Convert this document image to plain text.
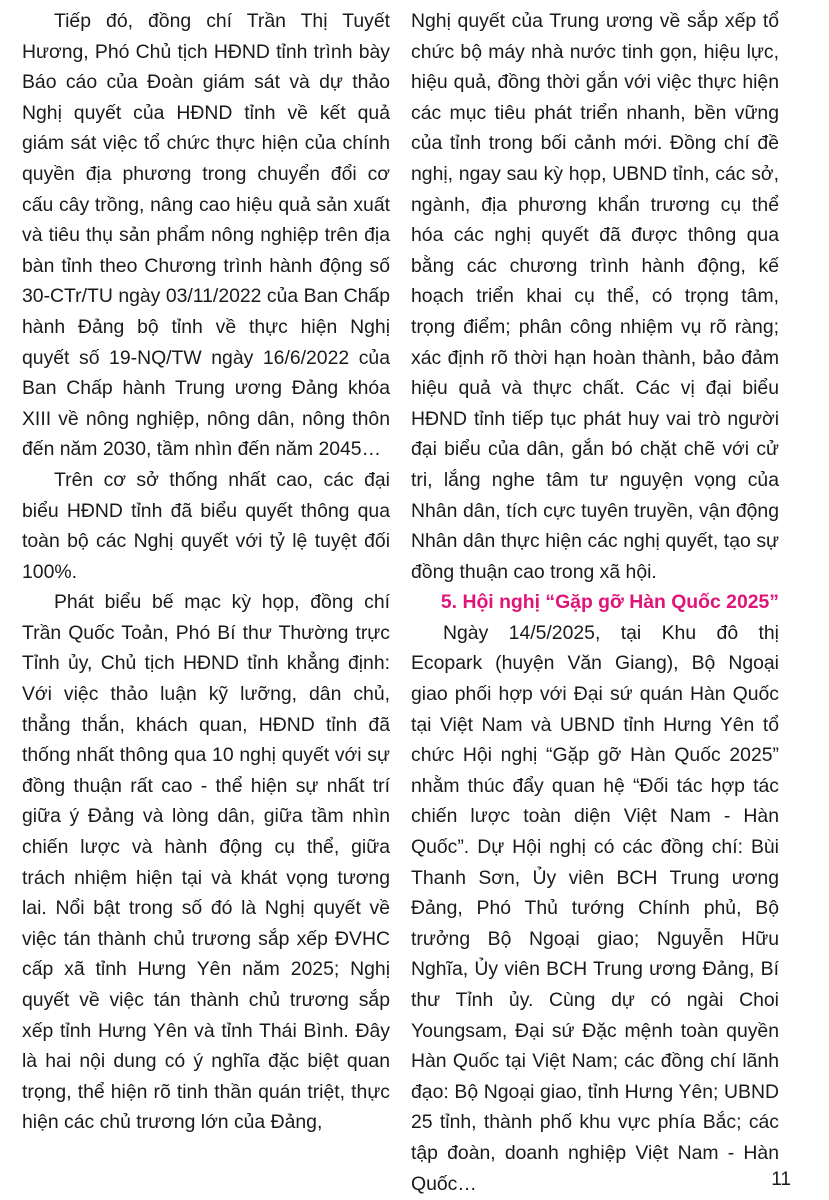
Tiếp đó, đồng chí Trần Thị Tuyết Hương, Phó Chủ tịch HĐND tỉnh trình bày Báo cáo của Đoàn giám sát và dự thảo Nghị quyết của HĐND tỉnh về kết quả giám sát việc tổ chức thực hiện của chính quyền địa phương trong chuyển đổi cơ cấu cây trồng, nâng cao hiệu quả sản xuất và tiêu thụ sản phẩm nông nghiệp trên địa bàn tỉnh theo Chương trình hành động số 30-CTr/TU ngày 03/11/2022 của Ban Chấp hành Đảng bộ tỉnh về thực hiện Nghị quyết số 19-NQ/TW ngày 16/6/2022 của Ban Chấp hành Trung ương Đảng khóa XIII về nông nghiệp, nông dân, nông thôn đến năm 2030, tầm nhìn đến năm 2045…

Trên cơ sở thống nhất cao, các đại biểu HĐND tỉnh đã biểu quyết thông qua toàn bộ các Nghị quyết với tỷ lệ tuyệt đối 100%.

Phát biểu bế mạc kỳ họp, đồng chí Trần Quốc Toản, Phó Bí thư Thường trực Tỉnh ủy, Chủ tịch HĐND tỉnh khẳng định: Với việc thảo luận kỹ lưỡng, dân chủ, thẳng thắn, khách quan, HĐND tỉnh đã thống nhất thông qua 10 nghị quyết với sự đồng thuận rất cao - thể hiện sự nhất trí giữa ý Đảng và lòng dân, giữa tầm nhìn chiến lược và hành động cụ thể, giữa trách nhiệm hiện tại và khát vọng tương lai. Nổi bật trong số đó là Nghị quyết về việc tán thành chủ trương sắp xếp ĐVHC cấp xã tỉnh Hưng Yên năm 2025; Nghị quyết về việc tán thành chủ trương sắp xếp tỉnh Hưng Yên và tỉnh Thái Bình. Đây là hai nội dung có ý nghĩa đặc biệt quan trọng, thể hiện rõ tinh thần quán triệt, thực hiện các chủ trương lớn của Đảng,

Nghị quyết của Trung ương về sắp xếp tổ chức bộ máy nhà nước tinh gọn, hiệu lực, hiệu quả, đồng thời gắn với việc thực hiện các mục tiêu phát triển nhanh, bền vững của tỉnh trong bối cảnh mới. Đồng chí đề nghị, ngay sau kỳ họp, UBND tỉnh, các sở, ngành, địa phương khẩn trương cụ thể hóa các nghị quyết đã được thông qua bằng các chương trình hành động, kế hoạch triển khai cụ thể, có trọng tâm, trọng điểm; phân công nhiệm vụ rõ ràng; xác định rõ thời hạn hoàn thành, bảo đảm hiệu quả và thực chất. Các vị đại biểu HĐND tỉnh tiếp tục phát huy vai trò người đại biểu của dân, gắn bó chặt chẽ với cử tri, lắng nghe tâm tư nguyện vọng của Nhân dân, tích cực tuyên truyền, vận động Nhân dân thực hiện các nghị quyết, tạo sự đồng thuận cao trong xã hội.

5. Hội nghị “Gặp gỡ Hàn Quốc 2025”

Ngày 14/5/2025, tại Khu đô thị Ecopark (huyện Văn Giang), Bộ Ngoại giao phối hợp với Đại sứ quán Hàn Quốc tại Việt Nam và UBND tỉnh Hưng Yên tổ chức Hội nghị “Gặp gỡ Hàn Quốc 2025” nhằm thúc đẩy quan hệ “Đối tác hợp tác chiến lược toàn diện Việt Nam - Hàn Quốc”. Dự Hội nghị có các đồng chí: Bùi Thanh Sơn, Ủy viên BCH Trung ương Đảng, Phó Thủ tướng Chính phủ, Bộ trưởng Bộ Ngoại giao; Nguyễn Hữu Nghĩa, Ủy viên BCH Trung ương Đảng, Bí thư Tỉnh ủy. Cùng dự có ngài Choi Youngsam, Đại sứ Đặc mệnh toàn quyền Hàn Quốc tại Việt Nam; các đồng chí lãnh đạo: Bộ Ngoại giao, tỉnh Hưng Yên; UBND 25 tỉnh, thành phố khu vực phía Bắc; các tập đoàn, doanh nghiệp Việt Nam - Hàn Quốc…	11
